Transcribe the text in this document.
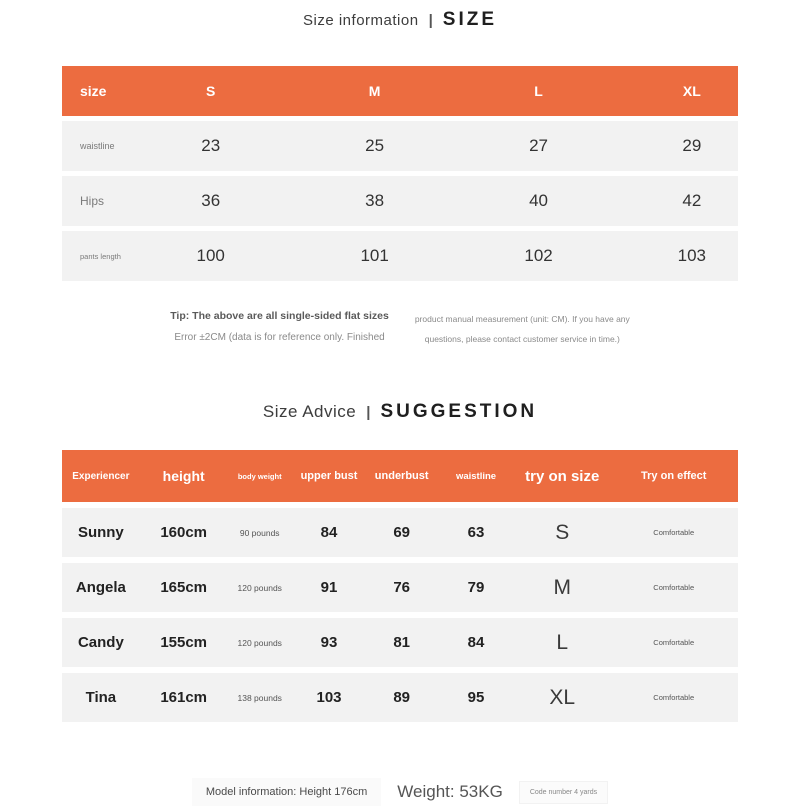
Size information | SIZE
size	S	M	L	XL
waistline	23	25	27	29
Hips	36	38	40	42
pants length	100	101	102	103
Tip: The above are all single-sided flat sizes
Error ±2CM (data is for reference only. Finished
product manual measurement (unit: CM). If you have any
questions, please contact customer service in time.)
Size Advice | SUGGESTION
Experiencer	height	body weight	upper bust	underbust	waistline	try on size	Try on effect
Sunny	160cm	90 pounds	84	69	63	S	Comfortable
Angela	165cm	120 pounds	91	76	79	M	Comfortable
Candy	155cm	120 pounds	93	81	84	L	Comfortable
Tina	161cm	138 pounds	103	89	95	XL	Comfortable
Model information: Height 176cm	Weight: 53KG	Code number 4 yards
